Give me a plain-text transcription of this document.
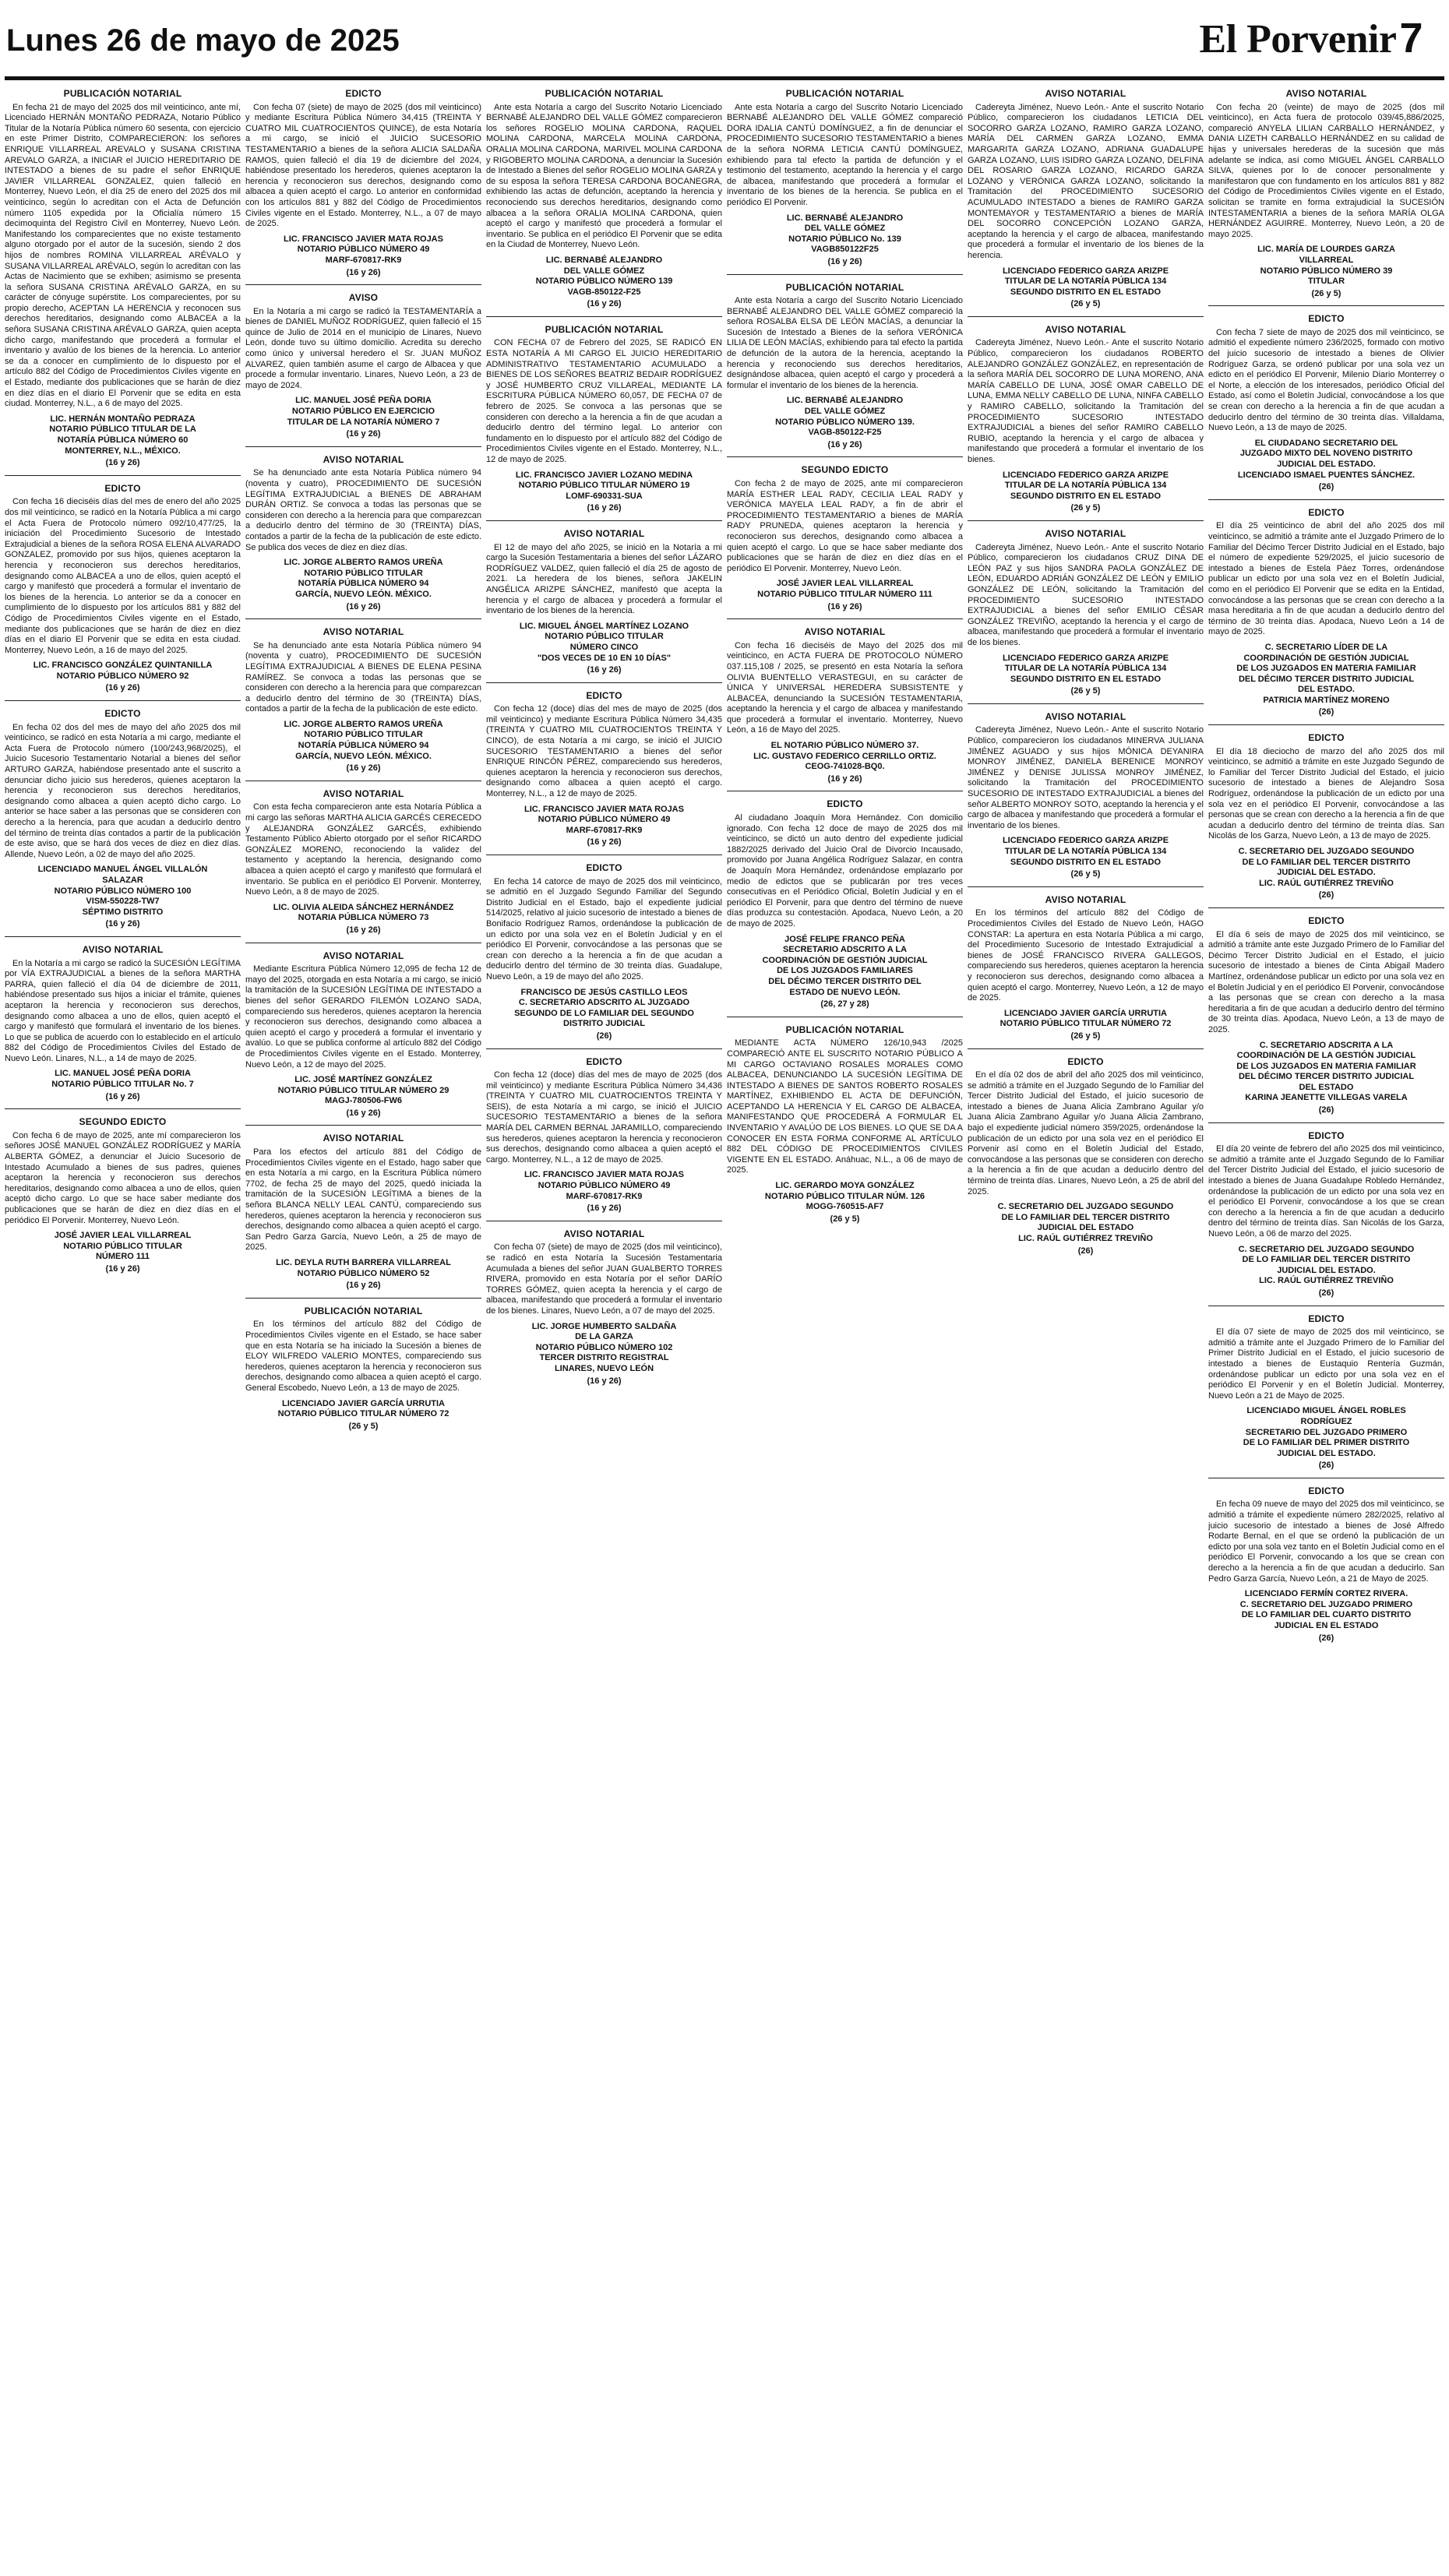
Lunes 26 de mayo de 2025	El Porvenir7
PUBLICACIÓN NOTARIAL
En fecha 21 de mayo del 2025 dos mil veinticinco, ante mí, Licenciado HERNÁN MONTAÑO PEDRAZA, Notario Público Titular de la Notaría Pública número 60 sesenta, con ejercicio en este Primer Distrito, COMPARECIERON: los señores ENRIQUE VILLARREAL AREVALO y SUSANA CRISTINA AREVALO GARZA, a INICIAR el JUICIO HEREDITARIO DE INTESTADO a bienes de su padre el señor ENRIQUE JAVIER VILLARREAL GONZALEZ, quien falleció en Monterrey, Nuevo León, el día 25 de enero del 2025 dos mil veinticinco, según lo acreditan con el Acta de Defunción número 1105 expedida por la Oficialía número 15 decimoquinta del Registro Civil en Monterrey, Nuevo León. Manifestando los comparecientes que no existe testamento alguno otorgado por el autor de la sucesión, siendo 2 dos hijos de nombres ROMINA VILLARREAL ARÉVALO y SUSANA VILLARREAL ARÉVALO, según lo acreditan con las Actas de Nacimiento que se exhiben; asimismo se presenta la señora SUSANA CRISTINA ARÉVALO GARZA, en su carácter de cónyuge supérstite. Los comparecientes, por su propio derecho, ACEPTAN LA HERENCIA y reconocen sus derechos hereditarios, designando como ALBACEA a la señora SUSANA CRISTINA ARÉVALO GARZA, quien acepta dicho cargo, manifestando que procederá a formular el inventario y avalúo de los bienes de la herencia. Lo anterior se da a conocer en cumplimiento de lo dispuesto por el artículo 882 del Código de Procedimientos Civiles vigente en el Estado, mediante dos publicaciones que se harán de diez en diez días en el diario El Porvenir que se edita en esta ciudad. Monterrey, N.L., a 6 de mayo del 2025.
LIC. HERNÁN MONTAÑO PEDRAZA
NOTARIO PÚBLICO TITULAR DE LA
NOTARÍA PÚBLICA NÚMERO 60
MONTERREY, N.L., MÉXICO.
(16 y 26)
EDICTO
Con fecha 16 dieciséis días del mes de enero del año 2025 dos mil veinticinco, se radicó en la Notaría Pública a mi cargo el Acta Fuera de Protocolo número 092/10,477/25, la iniciación del Procedimiento Sucesorio de Intestado Extrajudicial a bienes de la señora ROSA ELENA ALVARADO GONZALEZ, promovido por sus hijos, quienes aceptaron la herencia y reconocieron sus derechos hereditarios, designando como ALBACEA a uno de ellos, quien aceptó el cargo y manifestó que procederá a formular el inventario de los bienes de la herencia. Lo anterior se da a conocer en cumplimiento de lo dispuesto por los artículos 881 y 882 del Código de Procedimientos Civiles vigente en el Estado, mediante dos publicaciones que se harán de diez en diez días en el diario El Porvenir que se edita en esta ciudad. Monterrey, Nuevo León, a 16 de mayo del 2025.
LIC. FRANCISCO GONZÁLEZ QUINTANILLA
NOTARIO PÚBLICO NÚMERO 92
(16 y 26)
EDICTO
En fecha 02 dos del mes de mayo del año 2025 dos mil veinticinco, se radicó en esta Notaría a mi cargo, mediante el Acta Fuera de Protocolo número (100/243,968/2025), el Juicio Sucesorio Testamentario Notarial a bienes del señor ARTURO GARZA, habiéndose presentado ante el suscrito a denunciar dicho juicio sus herederos, quienes aceptaron la herencia y reconocieron sus derechos hereditarios, designando como albacea a quien aceptó dicho cargo. Lo anterior se hace saber a las personas que se consideren con derecho a la herencia, para que acudan a deducirlo dentro del término de treinta días contados a partir de la publicación de este aviso, que se hará dos veces de diez en diez días. Allende, Nuevo León, a 02 de mayo del año 2025.
LICENCIADO MANUEL ÁNGEL VILLALÓN
SALAZAR
NOTARIO PÚBLICO NÚMERO 100
VISM-550228-TW7
SÉPTIMO DISTRITO
(16 y 26)
AVISO NOTARIAL
En la Notaría a mi cargo se radicó la SUCESIÓN LEGÍTIMA por VÍA EXTRAJUDICIAL a bienes de la señora MARTHA PARRA, quien falleció el día 04 de diciembre de 2011, habiéndose presentado sus hijos a iniciar el trámite, quienes aceptaron la herencia y reconocieron sus derechos, designando como albacea a uno de ellos, quien aceptó el cargo y manifestó que formulará el inventario de los bienes. Lo que se publica de acuerdo con lo establecido en el artículo 882 del Código de Procedimientos Civiles del Estado de Nuevo León. Linares, N.L., a 14 de mayo de 2025.
LIC. MANUEL JOSÉ PEÑA DORIA
NOTARIO PÚBLICO TITULAR No. 7
(16 y 26)
SEGUNDO EDICTO
Con fecha 6 de mayo de 2025, ante mí comparecieron los señores JOSÉ MANUEL GONZÁLEZ RODRÍGUEZ y MARÍA ALBERTA GÓMEZ, a denunciar el Juicio Sucesorio de Intestado Acumulado a bienes de sus padres, quienes aceptaron la herencia y reconocieron sus derechos hereditarios, designando como albacea a uno de ellos, quien aceptó dicho cargo. Lo que se hace saber mediante dos publicaciones que se harán de diez en diez días en el periódico El Porvenir. Monterrey, Nuevo León.
JOSÉ JAVIER LEAL VILLARREAL
NOTARIO PÚBLICO TITULAR
NÚMERO 111
(16 y 26)
EDICTO
Con fecha 07 (siete) de mayo de 2025 (dos mil veinticinco) y mediante Escritura Pública Número 34,415 (TREINTA Y CUATRO MIL CUATROCIENTOS QUINCE), de esta Notaría a mi cargo, se inició el JUICIO SUCESORIO TESTAMENTARIO a bienes de la señora ALICIA SALDAÑA RAMOS, quien falleció el día 19 de diciembre del 2024, habiéndose presentado los herederos, quienes aceptaron la herencia y reconocieron sus derechos, designando como albacea a quien aceptó el cargo. Lo anterior en conformidad con los artículos 881 y 882 del Código de Procedimientos Civiles vigente en el Estado. Monterrey, N.L., a 07 de mayo de 2025.
LIC. FRANCISCO JAVIER MATA ROJAS
NOTARIO PÚBLICO NÚMERO 49
MARF-670817-RK9
(16 y 26)
AVISO
En la Notaría a mi cargo se radicó la TESTAMENTARÍA a bienes de DANIEL MUÑOZ RODRÍGUEZ, quien falleció el 15 quince de Julio de 2014 en el municipio de Linares, Nuevo León, donde tuvo su último domicilio. Acredita su derecho como único y universal heredero el Sr. JUAN MUÑOZ ALVAREZ, quien también asume el cargo de Albacea y que procede a formular inventario. Linares, Nuevo León, a 23 de mayo de 2024.
LIC. MANUEL JOSÉ PEÑA DORIA
NOTARIO PÚBLICO EN EJERCICIO
TITULAR DE LA NOTARÍA NÚMERO 7
(16 y 26)
AVISO NOTARIAL
Se ha denunciado ante esta Notaría Pública número 94 (noventa y cuatro), PROCEDIMIENTO DE SUCESIÓN LEGÍTIMA EXTRAJUDICIAL a BIENES DE ABRAHAM DURÁN ORTIZ. Se convoca a todas las personas que se consideren con derecho a la herencia para que comparezcan a deducirlo dentro del término de 30 (TREINTA) DÍAS, contados a partir de la fecha de la publicación de este edicto. Se publica dos veces de diez en diez días.
LIC. JORGE ALBERTO RAMOS UREÑA
NOTARIO PÚBLICO TITULAR
NOTARÍA PÚBLICA NÚMERO 94
GARCÍA, NUEVO LEÓN. MÉXICO.
(16 y 26)
AVISO NOTARIAL
Se ha denunciado ante esta Notaría Pública número 94 (noventa y cuatro), PROCEDIMIENTO DE SUCESIÓN LEGÍTIMA EXTRAJUDICIAL A BIENES DE ELENA PESINA RAMÍREZ. Se convoca a todas las personas que se consideren con derecho a la herencia para que comparezcan a deducirlo dentro del término de 30 (TREINTA) DÍAS, contados a partir de la fecha de la publicación de este edicto.
LIC. JORGE ALBERTO RAMOS UREÑA
NOTARIO PÚBLICO TITULAR
NOTARÍA PÚBLICA NÚMERO 94
GARCÍA, NUEVO LEÓN. MÉXICO.
(16 y 26)
AVISO NOTARIAL
Con esta fecha comparecieron ante esta Notaría Pública a mi cargo las señoras MARTHA ALICIA GARCÉS CERECEDO y ALEJANDRA GONZÁLEZ GARCÉS, exhibiendo Testamento Público Abierto otorgado por el señor RICARDO GONZÁLEZ MORENO, reconociendo la validez del testamento y aceptando la herencia, designando como albacea a quien aceptó el cargo y manifestó que formulará el inventario. Se publica en el periódico El Porvenir. Monterrey, Nuevo León, a 8 de mayo de 2025.
LIC. OLIVIA ALEIDA SÁNCHEZ HERNÁNDEZ
NOTARIA PÚBLICA NÚMERO 73
(16 y 26)
AVISO NOTARIAL
Mediante Escritura Pública Número 12,095 de fecha 12 de mayo del 2025, otorgada en esta Notaría a mi cargo, se inició la tramitación de la SUCESIÓN LEGÍTIMA DE INTESTADO a bienes del señor GERARDO FILEMÓN LOZANO SADA, compareciendo sus herederos, quienes aceptaron la herencia y reconocieron sus derechos, designando como albacea a quien aceptó el cargo y procederá a formular el inventario y avalúo. Lo que se publica conforme al artículo 882 del Código de Procedimientos Civiles vigente en el Estado. Monterrey, Nuevo León, a 12 de mayo del 2025.
LIC. JOSÉ MARTÍNEZ GONZÁLEZ
NOTARIO PÚBLICO TITULAR NÚMERO 29
MAGJ-780506-FW6
(16 y 26)
AVISO NOTARIAL
Para los efectos del artículo 881 del Código de Procedimientos Civiles vigente en el Estado, hago saber que en esta Notaría a mi cargo, en la Escritura Pública número 7702, de fecha 25 de mayo del 2025, quedó iniciada la tramitación de la SUCESIÓN LEGÍTIMA a bienes de la señora BLANCA NELLY LEAL CANTÚ, compareciendo sus herederos, quienes aceptaron la herencia y reconocieron sus derechos, designando como albacea a quien aceptó el cargo. San Pedro Garza García, Nuevo León, a 25 de mayo de 2025.
LIC. DEYLA RUTH BARRERA VILLARREAL
NOTARIO PÚBLICO NÚMERO 52
(16 y 26)
PUBLICACIÓN NOTARIAL
En los términos del artículo 882 del Código de Procedimientos Civiles vigente en el Estado, se hace saber que en esta Notaría se ha iniciado la Sucesión a bienes de ELOY WILFREDO VALERIO MONTES, compareciendo sus herederos, quienes aceptaron la herencia y reconocieron sus derechos, designando como albacea a quien aceptó el cargo. General Escobedo, Nuevo León, a 13 de mayo de 2025.
LICENCIADO JAVIER GARCÍA URRUTIA
NOTARIO PÚBLICO TITULAR NÚMERO 72
(26 y 5)
PUBLICACIÓN NOTARIAL
Ante esta Notaría a cargo del Suscrito Notario Licenciado BERNABÉ ALEJANDRO DEL VALLE GÓMEZ comparecieron los señores ROGELIO MOLINA CARDONA, RAQUEL MOLINA CARDONA, MARCELA MOLINA CARDONA, ORALIA MOLINA CARDONA, MARIVEL MOLINA CARDONA y RIGOBERTO MOLINA CARDONA, a denunciar la Sucesión de Intestado a Bienes del señor ROGELIO MOLINA GARZA y de su esposa la señora TERESA CARDONA BOCANEGRA, exhibiendo las actas de defunción, aceptando la herencia y reconociendo sus derechos hereditarios, designando como albacea a la señora ORALIA MOLINA CARDONA, quien aceptó el cargo y manifestó que procederá a formular el inventario. Se publica en el periódico El Porvenir que se edita en la Ciudad de Monterrey, Nuevo León.
LIC. BERNABÉ ALEJANDRO
DEL VALLE GÓMEZ
NOTARIO PÚBLICO NÚMERO 139
VAGB-850122-F25
(16 y 26)
PUBLICACIÓN NOTARIAL
CON FECHA 07 de Febrero del 2025, SE RADICÓ EN ESTA NOTARÍA A MI CARGO EL JUICIO HEREDITARIO ADMINISTRATIVO TESTAMENTARIO ACUMULADO a BIENES DE LOS SEÑORES BEATRIZ BEDAIR RODRÍGUEZ y JOSÉ HUMBERTO CRUZ VILLAREAL, MEDIANTE LA ESCRITURA PÚBLICA NÚMERO 60,057, DE FECHA 07 de febrero de 2025. Se convoca a las personas que se consideren con derecho a la herencia a fin de que acudan a deducirlo dentro del término legal. Lo anterior con fundamento en lo dispuesto por el artículo 882 del Código de Procedimientos Civiles vigente en el Estado. Monterrey, N.L., 12 de mayo de 2025.
LIC. FRANCISCO JAVIER LOZANO MEDINA
NOTARIO PÚBLICO TITULAR NÚMERO 19
LOMF-690331-SUA
(16 y 26)
AVISO NOTARIAL
El 12 de mayo del año 2025, se inició en la Notaría a mi cargo la Sucesión Testamentaria a bienes del señor LÁZARO RODRÍGUEZ VALDEZ, quien falleció el día 25 de agosto de 2021. La heredera de los bienes, señora JAKELIN ANGÉLICA ARIZPE SÁNCHEZ, manifestó que acepta la herencia y el cargo de albacea y procederá a formular el inventario de los bienes de la herencia.
LIC. MIGUEL ÁNGEL MARTÍNEZ LOZANO
NOTARIO PÚBLICO TITULAR
NÚMERO CINCO
"DOS VECES DE 10 EN 10 DÍAS"
(16 y 26)
EDICTO
Con fecha 12 (doce) días del mes de mayo de 2025 (dos mil veinticinco) y mediante Escritura Pública Número 34,435 (TREINTA Y CUATRO MIL CUATROCIENTOS TREINTA Y CINCO), de esta Notaría a mi cargo, se inició el JUICIO SUCESORIO TESTAMENTARIO a bienes del señor ENRIQUE RINCÓN PÉREZ, compareciendo sus herederos, quienes aceptaron la herencia y reconocieron sus derechos, designando como albacea a quien aceptó el cargo. Monterrey, N.L., a 12 de mayo de 2025.
LIC. FRANCISCO JAVIER MATA ROJAS
NOTARIO PÚBLICO NÚMERO 49
MARF-670817-RK9
(16 y 26)
EDICTO
En fecha 14 catorce de mayo de 2025 dos mil veinticinco, se admitió en el Juzgado Segundo Familiar del Segundo Distrito Judicial en el Estado, bajo el expediente judicial 514/2025, relativo al juicio sucesorio de intestado a bienes de Bonifacio Rodríguez Ramos, ordenándose la publicación de un edicto por una sola vez en el Boletín Judicial y en el periódico El Porvenir, convocándose a las personas que se crean con derecho a la herencia a fin de que acudan a deducirlo dentro del término de 30 treinta días. Guadalupe, Nuevo León, a 19 de mayo del año 2025.
FRANCISCO DE JESÚS CASTILLO LEOS
C. SECRETARIO ADSCRITO AL JUZGADO
SEGUNDO DE LO FAMILIAR DEL SEGUNDO
DISTRITO JUDICIAL
(26)
EDICTO
Con fecha 12 (doce) días del mes de mayo de 2025 (dos mil veinticinco) y mediante Escritura Pública Número 34,436 (TREINTA Y CUATRO MIL CUATROCIENTOS TREINTA Y SEIS), de esta Notaría a mi cargo, se inició el JUICIO SUCESORIO TESTAMENTARIO a bienes de la señora MARÍA DEL CARMEN BERNAL JARAMILLO, compareciendo sus herederos, quienes aceptaron la herencia y reconocieron sus derechos, designando como albacea a quien aceptó el cargo. Monterrey, N.L., a 12 de mayo de 2025.
LIC. FRANCISCO JAVIER MATA ROJAS
NOTARIO PÚBLICO NÚMERO 49
MARF-670817-RK9
(16 y 26)
AVISO NOTARIAL
Con fecha 07 (siete) de mayo de 2025 (dos mil veinticinco), se radicó en esta Notaría la Sucesión Testamentaria Acumulada a bienes del señor JUAN GUALBERTO TORRES RIVERA, promovido en esta Notaría por el señor DARÍO TORRES GÓMEZ, quien acepta la herencia y el cargo de albacea, manifestando que procederá a formular el inventario de los bienes. Linares, Nuevo León, a 07 de mayo del 2025.
LIC. JORGE HUMBERTO SALDAÑA
DE LA GARZA
NOTARIO PÚBLICO NÚMERO 102
TERCER DISTRITO REGISTRAL
LINARES, NUEVO LEÓN
(16 y 26)
PUBLICACIÓN NOTARIAL
Ante esta Notaría a cargo del Suscrito Notario Licenciado BERNABÉ ALEJANDRO DEL VALLE GÓMEZ compareció DORA IDALIA CANTÚ DOMÍNGUEZ, a fin de denunciar el PROCEDIMIENTO SUCESORIO TESTAMENTARIO a bienes de la señora NORMA LETICIA CANTÚ DOMÍNGUEZ, exhibiendo para tal efecto la partida de defunción y el testimonio del testamento, aceptando la herencia y el cargo de albacea, manifestando que procederá a formular el inventario de los bienes de la herencia. Se publica en el periódico El Porvenir.
LIC. BERNABÉ ALEJANDRO
DEL VALLE GÓMEZ
NOTARIO PÚBLICO No. 139
VAGB850122F25
(16 y 26)
PUBLICACIÓN NOTARIAL
Ante esta Notaría a cargo del Suscrito Notario Licenciado BERNABÉ ALEJANDRO DEL VALLE GÓMEZ compareció la señora ROSALBA ELSA DE LEÓN MACÍAS, a denunciar la Sucesión de Intestado a Bienes de la señora VERÓNICA LILIA DE LEÓN MACÍAS, exhibiendo para tal efecto la partida de defunción de la autora de la herencia, aceptando la herencia y reconociendo sus derechos hereditarios, designándose albacea, quien aceptó el cargo y procederá a formular el inventario de los bienes de la herencia.
LIC. BERNABÉ ALEJANDRO
DEL VALLE GÓMEZ
NOTARIO PÚBLICO NÚMERO 139.
VAGB-850122-F25
(16 y 26)
SEGUNDO EDICTO
Con fecha 2 de mayo de 2025, ante mí comparecieron MARÍA ESTHER LEAL RADY, CECILIA LEAL RADY y VERÓNICA MAYELA LEAL RADY, a fin de abrir el PROCEDIMIENTO TESTAMENTARIO a bienes de MARÍA RADY PRUNEDA, quienes aceptaron la herencia y reconocieron sus derechos, designando como albacea a quien aceptó el cargo. Lo que se hace saber mediante dos publicaciones que se harán de diez en diez días en el periódico El Porvenir. Monterrey, Nuevo León.
JOSÉ JAVIER LEAL VILLARREAL
NOTARIO PÚBLICO TITULAR NÚMERO 111
(16 y 26)
AVISO NOTARIAL
Con fecha 16 dieciséis de Mayo del 2025 dos mil veinticinco, en ACTA FUERA DE PROTOCOLO NÚMERO 037.115,108 / 2025, se presentó en esta Notaría la señora OLIVIA BUENTELLO VERASTEGUI, en su carácter de ÚNICA Y UNIVERSAL HEREDERA SUBSISTENTE y ALBACEA, denunciando la SUCESIÓN TESTAMENTARIA, aceptando la herencia y el cargo de albacea y manifestando que procederá a formular el inventario. Monterrey, Nuevo León, a 16 de Mayo del 2025.
EL NOTARIO PÚBLICO NÚMERO 37.
LIC. GUSTAVO FEDERICO CERRILLO ORTIZ.
CEOG-741028-BQ0.
(16 y 26)
EDICTO
Al ciudadano Joaquín Mora Hernández. Con domicilio ignorado. Con fecha 12 doce de mayo de 2025 dos mil veinticinco, se dictó un auto dentro del expediente judicial 1882/2025 derivado del Juicio Oral de Divorcio Incausado, promovido por Juana Angélica Rodríguez Salazar, en contra de Joaquín Mora Hernández, ordenándose emplazarlo por medio de edictos que se publicarán por tres veces consecutivas en el Periódico Oficial, Boletín Judicial y en el periódico El Porvenir, para que dentro del término de nueve días produzca su contestación. Apodaca, Nuevo León, a 20 de mayo de 2025.
JOSÉ FELIPE FRANCO PEÑA
SECRETARIO ADSCRITO A LA
COORDINACIÓN DE GESTIÓN JUDICIAL
DE LOS JUZGADOS FAMILIARES
DEL DÉCIMO TERCER DISTRITO DEL
ESTADO DE NUEVO LEÓN.
(26, 27 y 28)
PUBLICACIÓN NOTARIAL
MEDIANTE ACTA NÚMERO 126/10,943 /2025 COMPARECIÓ ANTE EL SUSCRITO NOTARIO PÚBLICO A MI CARGO OCTAVIANO ROSALES MORALES COMO ALBACEA, DENUNCIANDO LA SUCESIÓN LEGÍTIMA DE INTESTADO A BIENES DE SANTOS ROBERTO ROSALES MARTÍNEZ, EXHIBIENDO EL ACTA DE DEFUNCIÓN, ACEPTANDO LA HERENCIA Y EL CARGO DE ALBACEA, MANIFESTANDO QUE PROCEDERÁ A FORMULAR EL INVENTARIO Y AVALÚO DE LOS BIENES. LO QUE SE DA A CONOCER EN ESTA FORMA CONFORME AL ARTÍCULO 882 DEL CÓDIGO DE PROCEDIMIENTOS CIVILES VIGENTE EN EL ESTADO. Anáhuac, N.L., a 06 de mayo de 2025.
LIC. GERARDO MOYA GONZÁLEZ
NOTARIO PÚBLICO TITULAR NÚM. 126
MOGG-760515-AF7
(26 y 5)
AVISO NOTARIAL
Cadereyta Jiménez, Nuevo León.- Ante el suscrito Notario Público, comparecieron los ciudadanos LETICIA DEL SOCORRO GARZA LOZANO, RAMIRO GARZA LOZANO, MARÍA DEL CARMEN GARZA LOZANO, EMMA MARGARITA GARZA LOZANO, ADRIANA GUADALUPE GARZA LOZANO, LUIS ISIDRO GARZA LOZANO, DELFINA DEL ROSARIO GARZA LOZANO, RICARDO GARZA LOZANO y VERÓNICA GARZA LOZANO, solicitando la Tramitación del PROCEDIMIENTO SUCESORIO ACUMULADO INTESTADO a bienes de RAMIRO GARZA MONTEMAYOR y TESTAMENTARIO a bienes de MARÍA DEL SOCORRO CONCEPCIÓN LOZANO GARZA, aceptando la herencia y el cargo de albacea, manifestando que procederá a formular el inventario de los bienes de la herencia.
LICENCIADO FEDERICO GARZA ARIZPE
TITULAR DE LA NOTARÍA PÚBLICA 134
SEGUNDO DISTRITO EN EL ESTADO
(26 y 5)
AVISO NOTARIAL
Cadereyta Jiménez, Nuevo León.- Ante el suscrito Notario Público, comparecieron los ciudadanos ROBERTO ALEJANDRO GONZÁLEZ GONZÁLEZ, en representación de la señora MARÍA DEL SOCORRO DE LUNA MORENO, ANA MARÍA CABELLO DE LUNA, JOSÉ OMAR CABELLO DE LUNA, EMMA NELLY CABELLO DE LUNA, NINFA CABELLO y RAMIRO CABELLO, solicitando la Tramitación del PROCEDIMIENTO SUCESORIO INTESTADO EXTRAJUDICIAL a bienes del señor RAMIRO CABELLO RUBIO, aceptando la herencia y el cargo de albacea y manifestando que procederá a formular el inventario de los bienes.
LICENCIADO FEDERICO GARZA ARIZPE
TITULAR DE LA NOTARÍA PÚBLICA 134
SEGUNDO DISTRITO EN EL ESTADO
(26 y 5)
AVISO NOTARIAL
Cadereyta Jiménez, Nuevo León.- Ante el suscrito Notario Público, comparecieron los ciudadanos CRUZ DINA DE LEÓN PAZ y sus hijos SANDRA PAOLA GONZÁLEZ DE LEÓN, EDUARDO ADRIÁN GONZÁLEZ DE LEÓN y EMILIO GONZÁLEZ DE LEÓN, solicitando la Tramitación del PROCEDIMIENTO SUCESORIO INTESTADO EXTRAJUDICIAL a bienes del señor EMILIO CÉSAR GONZÁLEZ TREVIÑO, aceptando la herencia y el cargo de albacea, manifestando que procederá a formular el inventario de los bienes.
LICENCIADO FEDERICO GARZA ARIZPE
TITULAR DE LA NOTARÍA PÚBLICA 134
SEGUNDO DISTRITO EN EL ESTADO
(26 y 5)
AVISO NOTARIAL
Cadereyta Jiménez, Nuevo León.- Ante el suscrito Notario Público, comparecieron los ciudadanos MINERVA JULIANA JIMÉNEZ AGUADO y sus hijos MÓNICA DEYANIRA MONROY JIMÉNEZ, DANIELA BERENICE MONROY JIMÉNEZ y DENISE JULISSA MONROY JIMÉNEZ, solicitando la Tramitación del PROCEDIMIENTO SUCESORIO DE INTESTADO EXTRAJUDICIAL a bienes del señor ALBERTO MONROY SOTO, aceptando la herencia y el cargo de albacea y manifestando que procederá a formular el inventario de los bienes.
LICENCIADO FEDERICO GARZA ARIZPE
TITULAR DE LA NOTARÍA PÚBLICA 134
SEGUNDO DISTRITO EN EL ESTADO
(26 y 5)
AVISO NOTARIAL
En los términos del artículo 882 del Código de Procedimientos Civiles del Estado de Nuevo León, HAGO CONSTAR: La apertura en esta Notaría Pública a mi cargo, del Procedimiento Sucesorio de Intestado Extrajudicial a bienes de JOSÉ FRANCISCO RIVERA GALLEGOS, compareciendo sus herederos, quienes aceptaron la herencia y reconocieron sus derechos, designando como albacea a quien aceptó el cargo. Monterrey, Nuevo León, a 12 de mayo de 2025.
LICENCIADO JAVIER GARCÍA URRUTIA
NOTARIO PÚBLICO TITULAR NÚMERO 72
(26 y 5)
EDICTO
En el día 02 dos de abril del año 2025 dos mil veinticinco, se admitió a trámite en el Juzgado Segundo de lo Familiar del Tercer Distrito Judicial del Estado, el juicio sucesorio de intestado a bienes de Juana Alicia Zambrano Aguilar y/o Juana Alicia Zambrano Aguilar y/o Juana Alicia Zambrano, bajo el expediente judicial número 359/2025, ordenándose la publicación de un edicto por una sola vez en el periódico El Porvenir así como en el Boletín Judicial del Estado, convocándose a las personas que se consideren con derecho a la herencia a fin de que acudan a deducirlo dentro del término de treinta días. Linares, Nuevo León, a 25 de abril del 2025.
C. SECRETARIO DEL JUZGADO SEGUNDO
DE LO FAMILIAR DEL TERCER DISTRITO
JUDICIAL DEL ESTADO
LIC. RAÚL GUTIÉRREZ TREVIÑO
(26)
AVISO NOTARIAL
Con fecha 20 (veinte) de mayo de 2025 (dos mil veinticinco), en Acta fuera de protocolo 039/45,886/2025, compareció ANYELA LILIAN CARBALLO HERNÁNDEZ, y DANIA LIZETH CARBALLO HERNÁNDEZ en su calidad de hijas y universales herederas de la sucesión que más adelante se indica, así como MIGUEL ÁNGEL CARBALLO SILVA, quienes por lo de conocer personalmente y manifestaron que con fundamento en los artículos 881 y 882 del Código de Procedimientos Civiles vigente en el Estado, solicitan se tramite en forma extrajudicial la SUCESIÓN INTESTAMENTARIA a bienes de la señora MARÍA OLGA HERNÁNDEZ AGUIRRE. Monterrey, Nuevo León, a 20 de mayo 2025.
LIC. MARÍA DE LOURDES GARZA
VILLARREAL
NOTARIO PÚBLICO NÚMERO 39
TITULAR
(26 y 5)
EDICTO
Con fecha 7 siete de mayo de 2025 dos mil veinticinco, se admitió el expediente número 236/2025, formado con motivo del juicio sucesorio de intestado a bienes de Olivier Rodríguez Garza, se ordenó publicar por una sola vez un edicto en el periódico El Porvenir, Milenio Diario Monterrey o el Norte, a elección de los interesados, periódico Oficial del Estado, así como el Boletín Judicial, convocándose a los que se crean con derecho a la herencia a fin de que acudan a deducirlo dentro del término de 30 treinta días. Villaldama, Nuevo León, a 13 de mayo de 2025.
EL CIUDADANO SECRETARIO DEL
JUZGADO MIXTO DEL NOVENO DISTRITO
JUDICIAL DEL ESTADO.
LICENCIADO ISMAEL PUENTES SÁNCHEZ.
(26)
EDICTO
El día 25 veinticinco de abril del año 2025 dos mil veinticinco, se admitió a trámite ante el Juzgado Primero de lo Familiar del Décimo Tercer Distrito Judicial en el Estado, bajo el número de expediente 529/2025, el juicio sucesorio de intestado a bienes de Estela Páez Torres, ordenándose publicar un edicto por una sola vez en el Boletín Judicial, como en el periódico El Porvenir que se edita en la Entidad, convocándose a las personas que se crean con derecho a la masa hereditaria a fin de que acudan a deducirlo dentro del término de 30 treinta días. Apodaca, Nuevo León a 14 de mayo de 2025.
C. SECRETARIO LÍDER DE LA
COORDINACIÓN DE GESTIÓN JUDICIAL
DE LOS JUZGADOS EN MATERIA FAMILIAR
DEL DÉCIMO TERCER DISTRITO JUDICIAL
DEL ESTADO.
PATRICIA MARTÍNEZ MORENO
(26)
EDICTO
El día 18 dieciocho de marzo del año 2025 dos mil veinticinco, se admitió a trámite en este Juzgado Segundo de lo Familiar del Tercer Distrito Judicial del Estado, el juicio sucesorio de intestado a bienes de Alejandro Sosa Rodríguez, ordenándose la publicación de un edicto por una sola vez en el periódico El Porvenir, convocándose a las personas que se crean con derecho a la herencia a fin de que acudan a deducirlo dentro del término de treinta días. San Nicolás de los Garza, Nuevo León, a 13 de mayo de 2025.
C. SECRETARIO DEL JUZGADO SEGUNDO
DE LO FAMILIAR DEL TERCER DISTRITO
JUDICIAL DEL ESTADO.
LIC. RAÚL GUTIÉRREZ TREVIÑO
(26)
EDICTO
El día 6 seis de mayo de 2025 dos mil veinticinco, se admitió a trámite ante este Juzgado Primero de lo Familiar del Décimo Tercer Distrito Judicial en el Estado, el juicio sucesorio de intestado a bienes de Cinta Abigail Madero Martínez, ordenándose publicar un edicto por una sola vez en el Boletín Judicial y en el periódico El Porvenir, convocándose a las personas que se crean con derecho a la masa hereditaria a fin de que acudan a deducirlo dentro del término de 30 treinta días. Apodaca, Nuevo León, a 13 de mayo de 2025.
C. SECRETARIO ADSCRITA A LA
COORDINACIÓN DE LA GESTIÓN JUDICIAL
DE LOS JUZGADOS EN MATERIA FAMILIAR
DEL DÉCIMO TERCER DISTRITO JUDICIAL
DEL ESTADO
KARINA JEANETTE VILLEGAS VARELA
(26)
EDICTO
El día 20 veinte de febrero del año 2025 dos mil veinticinco, se admitió a trámite ante el Juzgado Segundo de lo Familiar del Tercer Distrito Judicial del Estado, el juicio sucesorio de intestado a bienes de Juana Guadalupe Robledo Hernández, ordenándose la publicación de un edicto por una sola vez en el periódico El Porvenir, convocándose a los que se crean con derecho a la herencia a fin de que acudan a deducirlo dentro del término de treinta días. San Nicolás de los Garza, Nuevo León, a 06 de marzo del 2025.
C. SECRETARIO DEL JUZGADO SEGUNDO
DE LO FAMILIAR DEL TERCER DISTRITO
JUDICIAL DEL ESTADO.
LIC. RAÚL GUTIÉRREZ TREVIÑO
(26)
EDICTO
El día 07 siete de mayo de 2025 dos mil veinticinco, se admitió a trámite ante el Juzgado Primero de lo Familiar del Primer Distrito Judicial en el Estado, el juicio sucesorio de intestado a bienes de Eustaquio Rentería Guzmán, ordenándose publicar un edicto por una sola vez en el periódico El Porvenir y en el Boletín Judicial. Monterrey, Nuevo León a 21 de Mayo de 2025.
LICENCIADO MIGUEL ÁNGEL ROBLES
RODRÍGUEZ
SECRETARIO DEL JUZGADO PRIMERO
DE LO FAMILIAR DEL PRIMER DISTRITO
JUDICIAL DEL ESTADO.
(26)
EDICTO
En fecha 09 nueve de mayo del 2025 dos mil veinticinco, se admitió a trámite el expediente número 282/2025, relativo al juicio sucesorio de intestado a bienes de José Alfredo Rodarte Bernal, en el que se ordenó la publicación de un edicto por una sola vez tanto en el Boletín Judicial como en el periódico El Porvenir, convocando a los que se crean con derecho a la herencia a fin de que acudan a deducirlo. San Pedro Garza García, Nuevo León, a 21 de Mayo de 2025.
LICENCIADO FERMÍN CORTEZ RIVERA.
C. SECRETARIO DEL JUZGADO PRIMERO
DE LO FAMILIAR DEL CUARTO DISTRITO
JUDICIAL EN EL ESTADO
(26)
